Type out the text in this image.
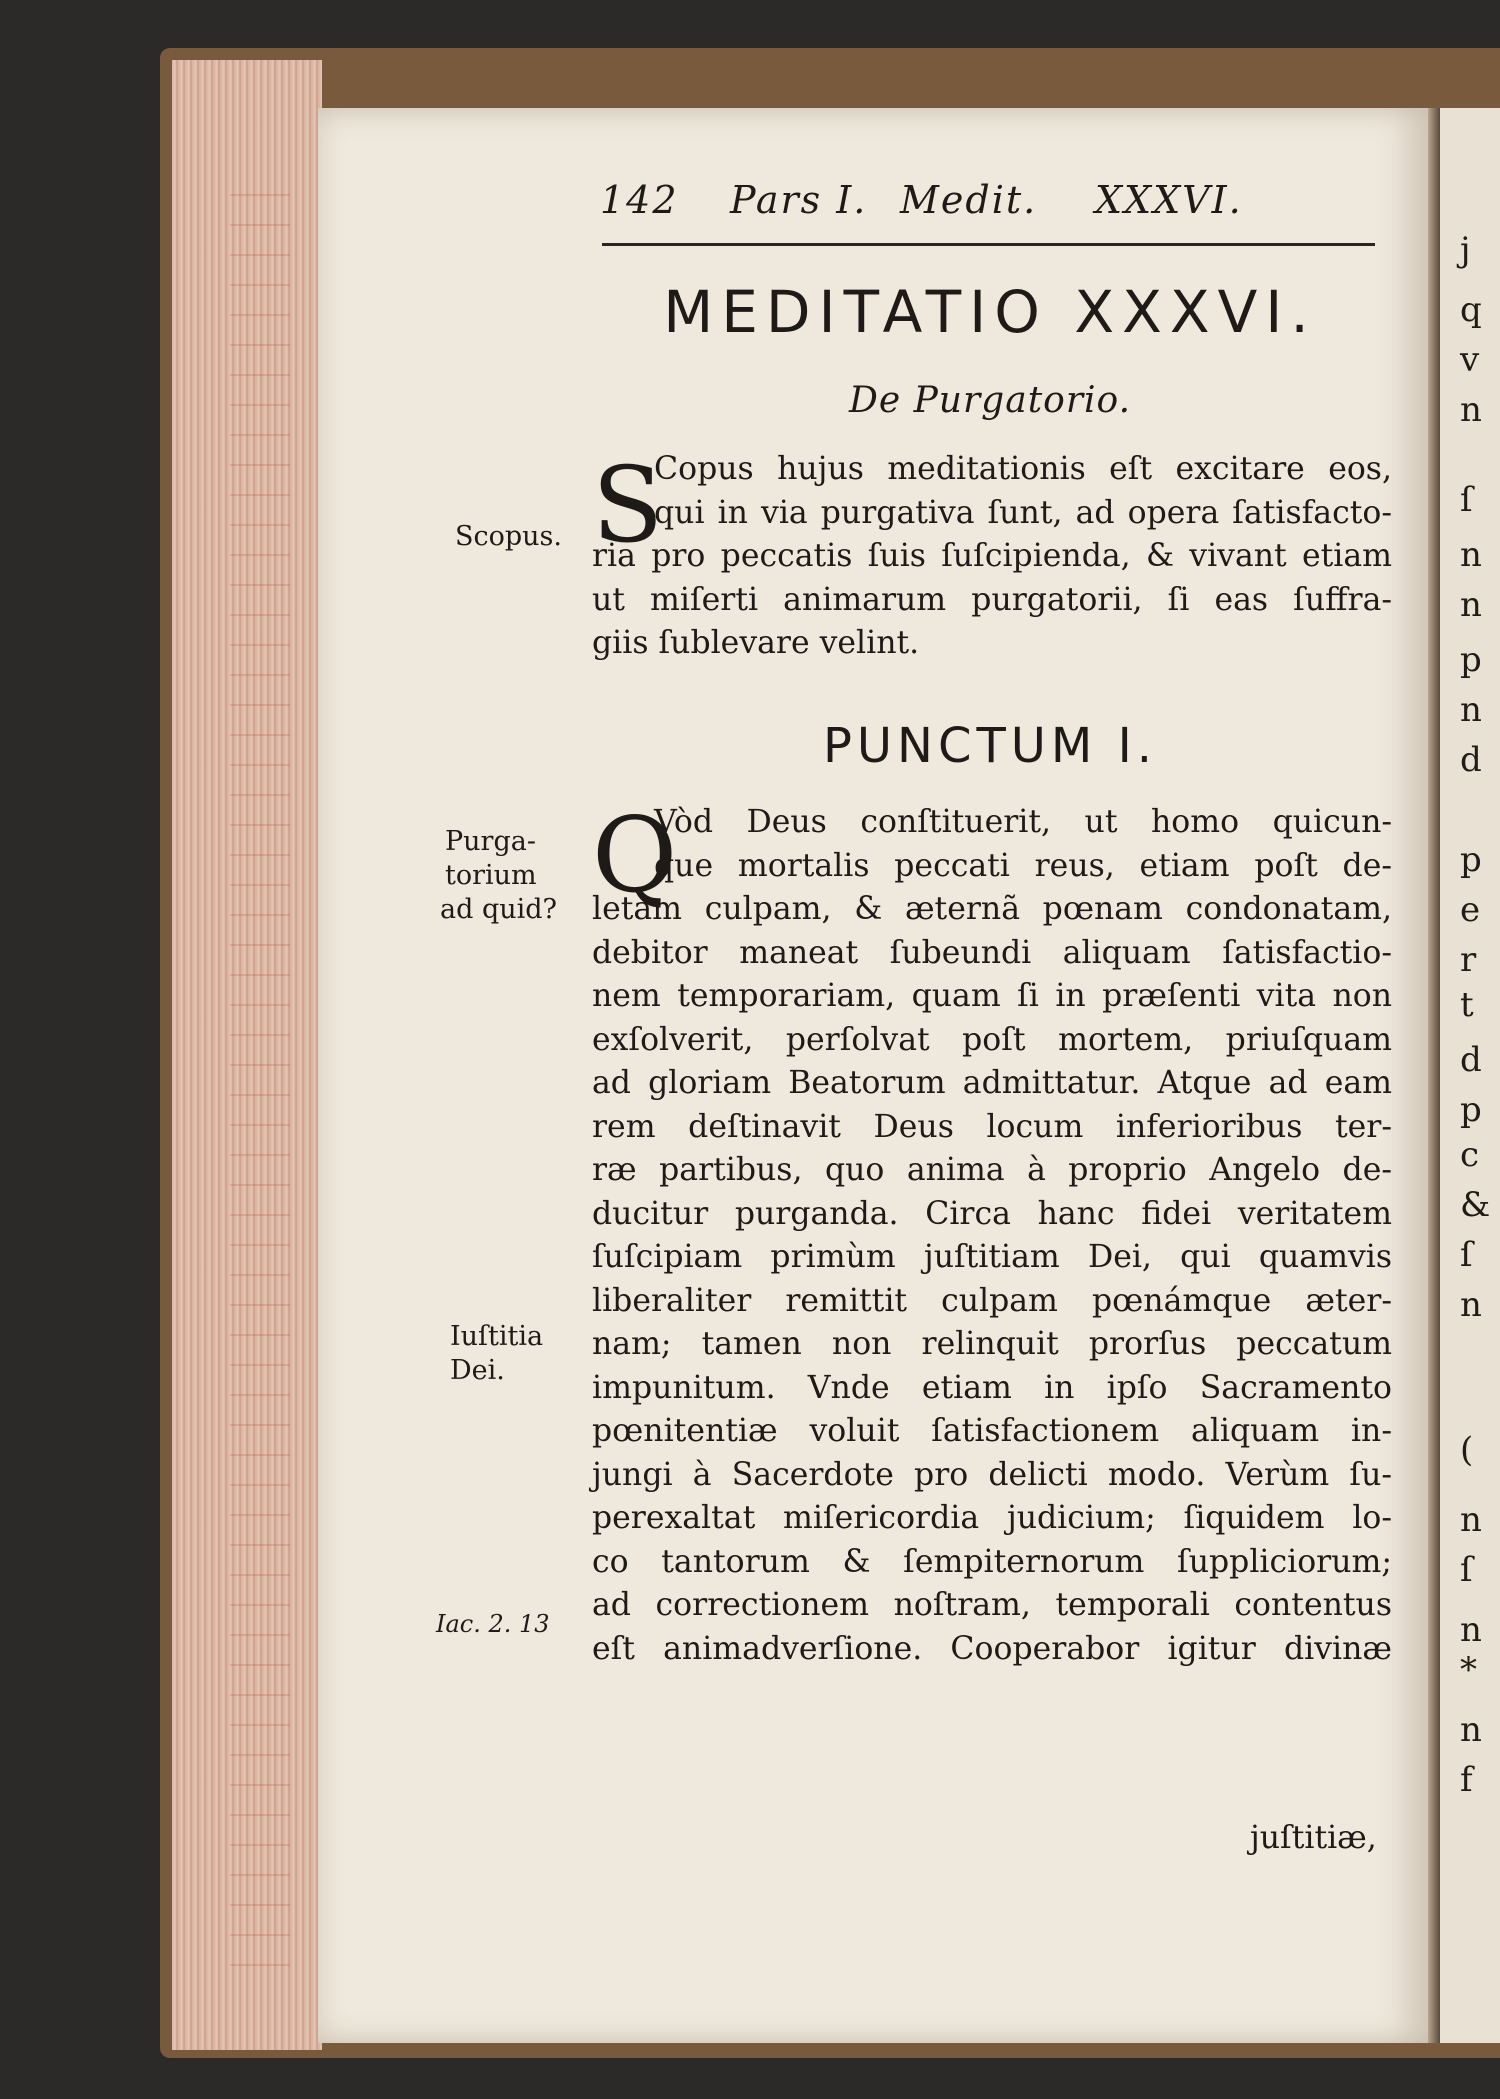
j
q
v
n
ſ
n
n
p
n
d
p
e
r
t
d
p
c
&
ſ
n
(
n
ſ
n
*
n
f
142 Pars I. Medit. XXXVI.
MEDITATIO XXXVI.
De Purgatorio.
S
Copus hujus meditationis eſt excitare eos,
qui in via purgativa ſunt, ad opera ſatisfacto-
ria pro peccatis ſuis ſuſcipienda, & vivant etiam
ut miſerti animarum purgatorii, ſi eas ſuffra-
giis ſublevare velint.
PUNCTUM I.
Q
Vòd Deus conſtituerit, ut homo quicun-
que mortalis peccati reus, etiam poſt de-
letam culpam, & æternã pœnam condonatam,
debitor maneat ſubeundi aliquam ſatisfactio-
nem temporariam, quam ſi in præſenti vita non
exſolverit, perſolvat poſt mortem, priuſquam
ad gloriam Beatorum admittatur. Atque ad eam
rem deſtinavit Deus locum inferioribus ter-
ræ partibus, quo anima à proprio Angelo de-
ducitur purganda. Circa hanc fidei veritatem
ſuſcipiam primùm juſtitiam Dei, qui quamvis
liberaliter remittit culpam pœnámque æter-
nam; tamen non relinquit prorſus peccatum
impunitum. Vnde etiam in ipſo Sacramento
pœnitentiæ voluit ſatisfactionem aliquam in-
jungi à Sacerdote pro delicti modo. Verùm ſu-
perexaltat miſericordia judicium; ſiquidem lo-
co tantorum & ſempiternorum ſuppliciorum;
ad correctionem noſtram, temporali contentus
eſt animadverſione. Cooperabor igitur divinæ
juſtitiæ,
Scopus.
Purga-
torium
ad quid?
Iuſtitia
Dei.
Iac. 2. 13
